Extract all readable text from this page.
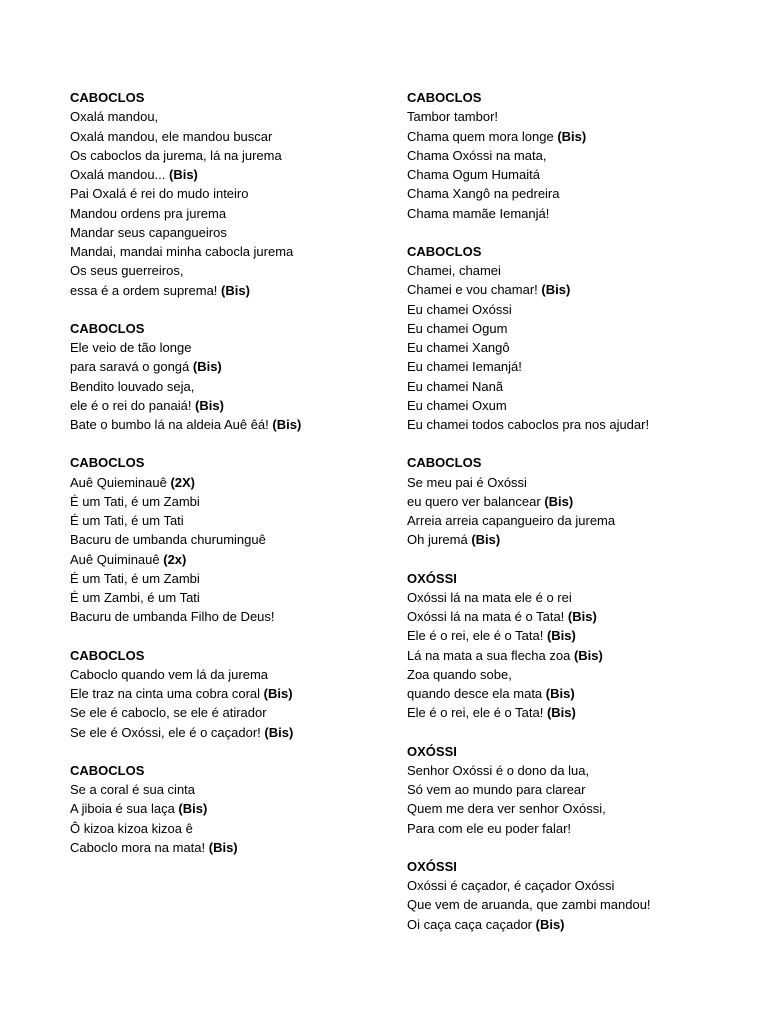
CABOCLOS
Oxalá mandou,
Oxalá mandou, ele mandou buscar
Os caboclos da jurema, lá na jurema
Oxalá mandou... (Bis)
Pai Oxalá é rei do mudo inteiro
Mandou ordens pra jurema
Mandar seus capangueiros
Mandai, mandai minha cabocla jurema
Os seus guerreiros,
essa é a ordem suprema! (Bis)
CABOCLOS
Ele veio de tão longe
para saravá o gongá (Bis)
Bendito louvado seja,
ele é o rei do panaiá! (Bis)
Bate o bumbo lá na aldeia Auê êá! (Bis)
CABOCLOS
Auê Quieminauê (2X)
É um Tati, é um Zambi
É um Tati, é um Tati
Bacuru de umbanda churuminguê
Auê Quiminauê (2x)
É um Tati, é um Zambi
É um Zambi, é um Tati
Bacuru de umbanda Filho de Deus!
CABOCLOS
Caboclo quando vem lá da jurema
Ele traz na cinta uma cobra coral (Bis)
Se ele é caboclo, se ele é atirador
Se ele é Oxóssi, ele é o caçador! (Bis)
CABOCLOS
Se a coral é sua cinta
A jiboia é sua laça (Bis)
Ô kizoa kizoa kizoa ê
Caboclo mora na mata! (Bis)
CABOCLOS
Tambor tambor!
Chama quem mora longe (Bis)
Chama Oxóssi na mata,
Chama Ogum Humaitá
Chama Xangô na pedreira
Chama mamãe Iemanjá!
CABOCLOS
Chamei, chamei
Chamei e vou chamar! (Bis)
Eu chamei Oxóssi
Eu chamei Ogum
Eu chamei Xangô
Eu chamei Iemanjá!
Eu chamei Nanã
Eu chamei Oxum
Eu chamei todos caboclos pra nos ajudar!
CABOCLOS
Se meu pai é Oxóssi
eu quero ver balancear (Bis)
Arreia arreia capangueiro da jurema
Oh juremá (Bis)
OXÓSSI
Oxóssi lá na mata ele é o rei
Oxóssi lá na mata é o Tata! (Bis)
Ele é o rei, ele é o Tata! (Bis)
Lá na mata a sua flecha zoa (Bis)
Zoa quando sobe,
quando desce ela mata (Bis)
Ele é o rei, ele é o Tata! (Bis)
OXÓSSI
Senhor Oxóssi é o dono da lua,
Só vem ao mundo para clarear
Quem me dera ver senhor Oxóssi,
Para com ele eu poder falar!
OXÓSSI
Oxóssi é caçador, é caçador Oxóssi
Que vem de aruanda, que zambi mandou!
Oi caça caça caçador (Bis)
